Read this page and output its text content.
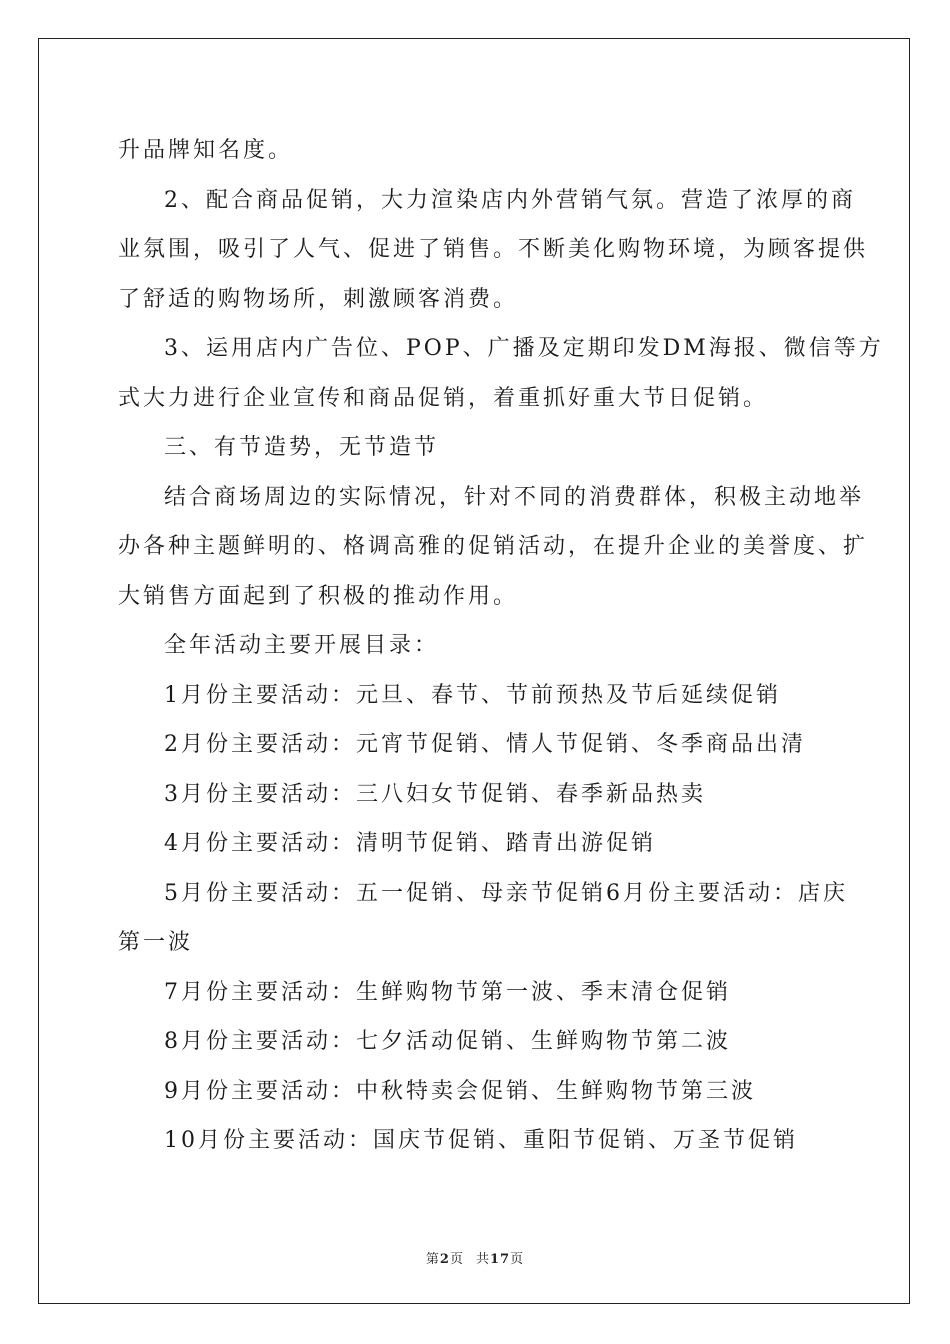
升品牌知名度。
2、配合商品促销，大力渲染店内外营销气氛。营造了浓厚的商
业氛围，吸引了人气、促进了销售。不断美化购物环境，为顾客提供
了舒适的购物场所，刺激顾客消费。
3、运用店内广告位、POP、广播及定期印发DM海报、微信等方
式大力进行企业宣传和商品促销，着重抓好重大节日促销。
三、有节造势，无节造节
结合商场周边的实际情况，针对不同的消费群体，积极主动地举
办各种主题鲜明的、格调高雅的促销活动，在提升企业的美誉度、扩
大销售方面起到了积极的推动作用。
全年活动主要开展目录：
1月份主要活动：元旦、春节、节前预热及节后延续促销
2月份主要活动：元宵节促销、情人节促销、冬季商品出清
3月份主要活动：三八妇女节促销、春季新品热卖
4月份主要活动：清明节促销、踏青出游促销
5月份主要活动：五一促销、母亲节促销6月份主要活动：店庆
第一波
7月份主要活动：生鲜购物节第一波、季末清仓促销
8月份主要活动：七夕活动促销、生鲜购物节第二波
9月份主要活动：中秋特卖会促销、生鲜购物节第三波
10月份主要活动：国庆节促销、重阳节促销、万圣节促销
第2页 共17页
